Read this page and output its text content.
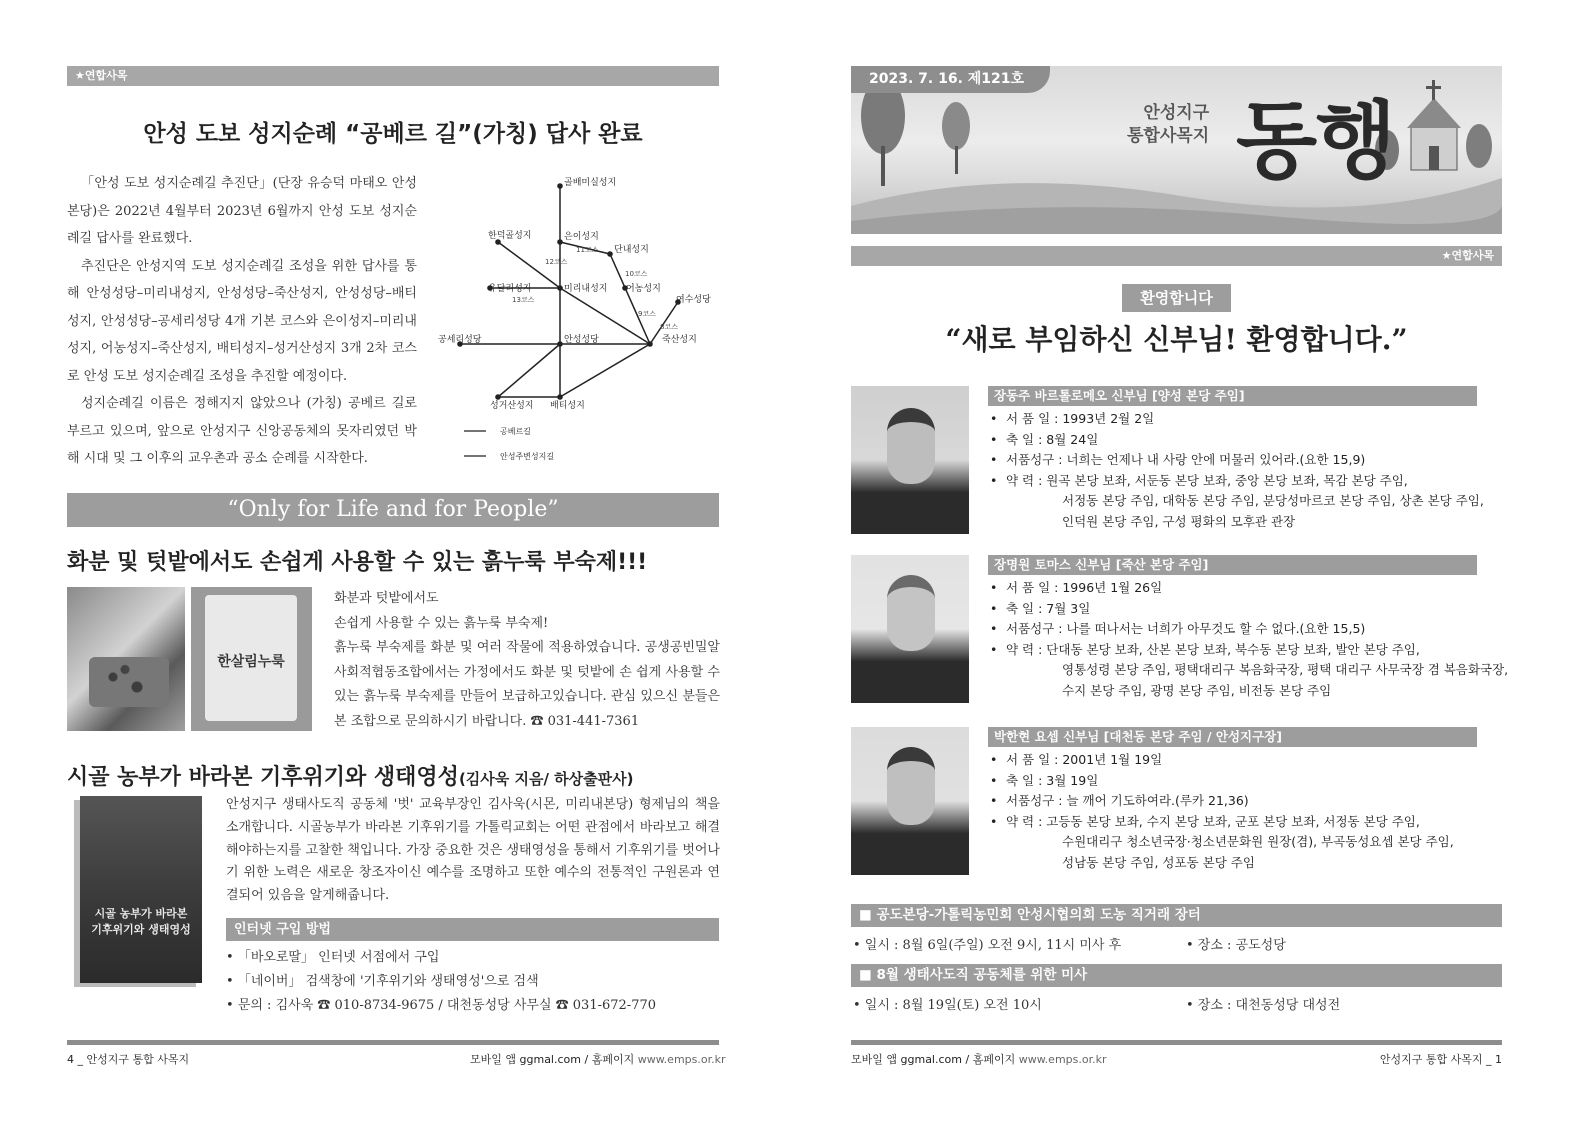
★연합사목
안성 도보 성지순례 “공베르 길”(가칭) 답사 완료

「안성 도보 성지순례길 추진단」(단장 유승덕 마태오 안성본당)은 2022년 4월부터 2023년 6월까지 안성 도보 성지순례길 답사를 완료했다.

추진단은 안성지역 도보 성지순례길 조성을 위한 답사를 통해 안성성당–미리내성지, 안성성당–죽산성지, 안성성당–배티성지, 안성성당–공세리성당 4개 기본 코스와 은이성지–미리내성지, 어농성지–죽산성지, 배티성지–성거산성지 3개 2차 코스로 안성 도보 성지순례길 조성을 추진할 예정이다.

성지순례길 이름은 정해지지 않았으나 (가칭) 공베르 길로 부르고 있으며, 앞으로 안성지구 신앙공동체의 못자리였던 박해 시대 및 그 이후의 교우촌과 공소 순례를 시작한다.

골배미실성지
한덕골성지	은이성지
단내성지
유달리성지	미리내성지 어농성지
여수성당
공세리성당	안성성당	죽산성지
성거산성지 배티성지
12코스
11코스
10코스
13코스
9코스
8코스
공베르길
안성주변성지길
“Only for Life and for People”
화분 및 텃밭에서도 손쉽게 사용할 수 있는 흙누룩 부숙제!!!
한살림누룩
화분과 텃밭에서도
손쉽게 사용할 수 있는 흙누룩 부숙제!
흙누룩 부숙제를 화분 및 여러 작물에 적용하였습니다. 공생공빈밀알 사회적협동조합에서는 가정에서도 화분 및 텃밭에 손 쉽게 사용할 수 있는 흙누룩 부숙제를 만들어 보급하고있습니다. 관심 있으신 분들은 본 조합으로 문의하시기 바랍니다. ☎ 031-441-7361
시골 농부가 바라본 기후위기와 생태영성(김사욱 지음/ 하상출판사)
시골 농부가 바라본 기후위기와 생태영성
안성지구 생태사도직 공동체 '벗' 교육부장인 김사욱(시몬, 미리내본당) 형제님의 책을 소개합니다. 시골농부가 바라본 기후위기를 가톨릭교회는 어떤 관점에서 바라보고 해결해야하는지를 고찰한 책입니다. 가장 중요한 것은 생태영성을 통해서 기후위기를 벗어나기 위한 노력은 새로운 창조자이신 예수를 조명하고 또한 예수의 전통적인 구원론과 연결되어 있음을 알게해줍니다.
인터넷 구입 방법
• 「바오로딸」 인터넷 서점에서 구입
• 「네이버」 검색창에 '기후위기와 생태영성'으로 검색
• 문의 : 김사욱 ☎ 010-8734-9675 / 대천동성당 사무실 ☎ 031-672-770
4 _ 안성지구 통합 사목지	모바일 앱 ggmal.com / 홈페이지 www.emps.or.kr
2023. 7. 16. 제121호
안성지구
통합사목지 동행
★연합사목
환영합니다
“새로 부임하신 신부님! 환영합니다.”
장동주 바르톨로메오 신부님 [양성 본당 주임]
• 서 품 일 : 1993년 2월 2일
• 축 일 : 8월 24일
• 서품성구 : 너희는 언제나 내 사랑 안에 머물러 있어라.(요한 15,9)
• 약 력 : 원곡 본당 보좌, 서둔동 본당 보좌, 중앙 본당 보좌, 목감 본당 주임,
서정동 본당 주임, 대학동 본당 주임, 분당성마르코 본당 주임, 상촌 본당 주임,
인덕원 본당 주임, 구성 평화의 모후관 관장
장명원 토마스 신부님 [죽산 본당 주임]
• 서 품 일 : 1996년 1월 26일
• 축 일 : 7월 3일
• 서품성구 : 나를 떠나서는 너희가 아무것도 할 수 없다.(요한 15,5)
• 약 력 : 단대동 본당 보좌, 산본 본당 보좌, 북수동 본당 보좌, 발안 본당 주임,
영통성령 본당 주임, 평택대리구 복음화국장, 평택 대리구 사무국장 겸 복음화국장,
수지 본당 주임, 광명 본당 주임, 비전동 본당 주임
박한현 요셉 신부님 [대천동 본당 주임 / 안성지구장]
• 서 품 일 : 2001년 1월 19일
• 축 일 : 3월 19일
• 서품성구 : 늘 깨어 기도하여라.(루카 21,36)
• 약 력 : 고등동 본당 보좌, 수지 본당 보좌, 군포 본당 보좌, 서정동 본당 주임,
수원대리구 청소년국장·청소년문화원 원장(겸), 부곡동성요셉 본당 주임,
성남동 본당 주임, 성포동 본당 주임
■ 공도본당-가톨릭농민회 안성시협의회 도농 직거래 장터
• 일시 : 8월 6일(주일) 오전 9시, 11시 미사 후	• 장소 : 공도성당
■ 8월 생태사도직 공동체를 위한 미사
• 일시 : 8월 19일(토) 오전 10시	• 장소 : 대천동성당 대성전
모바일 앱 ggmal.com / 홈페이지 www.emps.or.kr	안성지구 통합 사목지 _ 1
